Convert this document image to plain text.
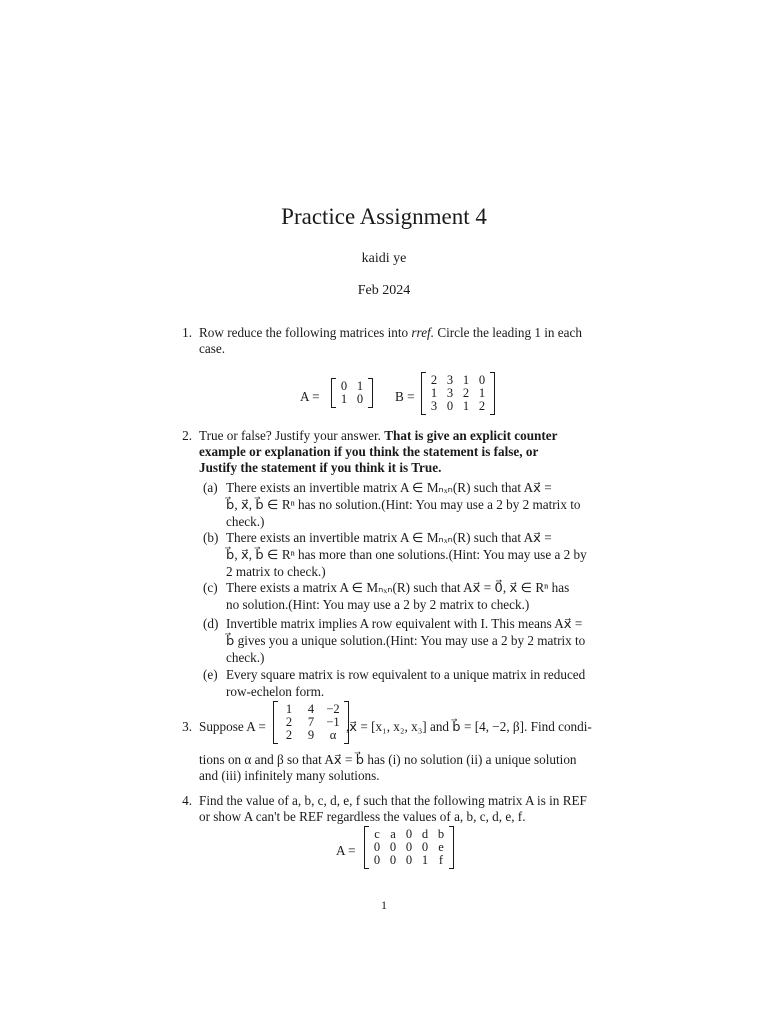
Practice Assignment 4
kaidi ye
Feb 2024
1. Row reduce the following matrices into rref. Circle the leading 1 in each
case.
A =
0 1
1 0	B =
2 3 1 0
1 3 2 1
3 0 1 2
2. True or false? Justify your answer. That is give an explicit counter
example or explanation if you think the statement is false, or
Justify the statement if you think it is True.
(a) There exists an invertible matrix A ∈ Mₙₓₙ(R) such that Ax⃗ =
b⃗, x⃗, b⃗ ∈ Rⁿ has no solution.(Hint: You may use a 2 by 2 matrix to
check.)
(b) There exists an invertible matrix A ∈ Mₙₓₙ(R) such that Ax⃗ =
b⃗, x⃗, b⃗ ∈ Rⁿ has more than one solutions.(Hint: You may use a 2 by
2 matrix to check.)
(c) There exists a matrix A ∈ Mₙₓₙ(R) such that Ax⃗ = 0⃗, x⃗ ∈ Rⁿ has
no solution.(Hint: You may use a 2 by 2 matrix to check.)
(d) Invertible matrix implies A row equivalent with I. This means Ax⃗ =
b⃗ gives you a unique solution.(Hint: You may use a 2 by 2 matrix to
check.)
(e) Every square matrix is row equivalent to a unique matrix in reduced
row-echelon form.
3. Suppose A =
1	4 −2
2	7 −1
2	9	α
,x⃗ = [x₁, x₂, x₃] and b⃗ = [4, −2, β]. Find condi-
tions on α and β so that Ax⃗ = b⃗ has (i) no solution (ii) a unique solution
and (iii) infinitely many solutions.
4. Find the value of a, b, c, d, e, f such that the following matrix A is in REF
or show A can't be REF regardless the values of a, b, c, d, e, f.
A =
c a 0 d b
0 0 0 0 e
0 0 0 1 f
1
